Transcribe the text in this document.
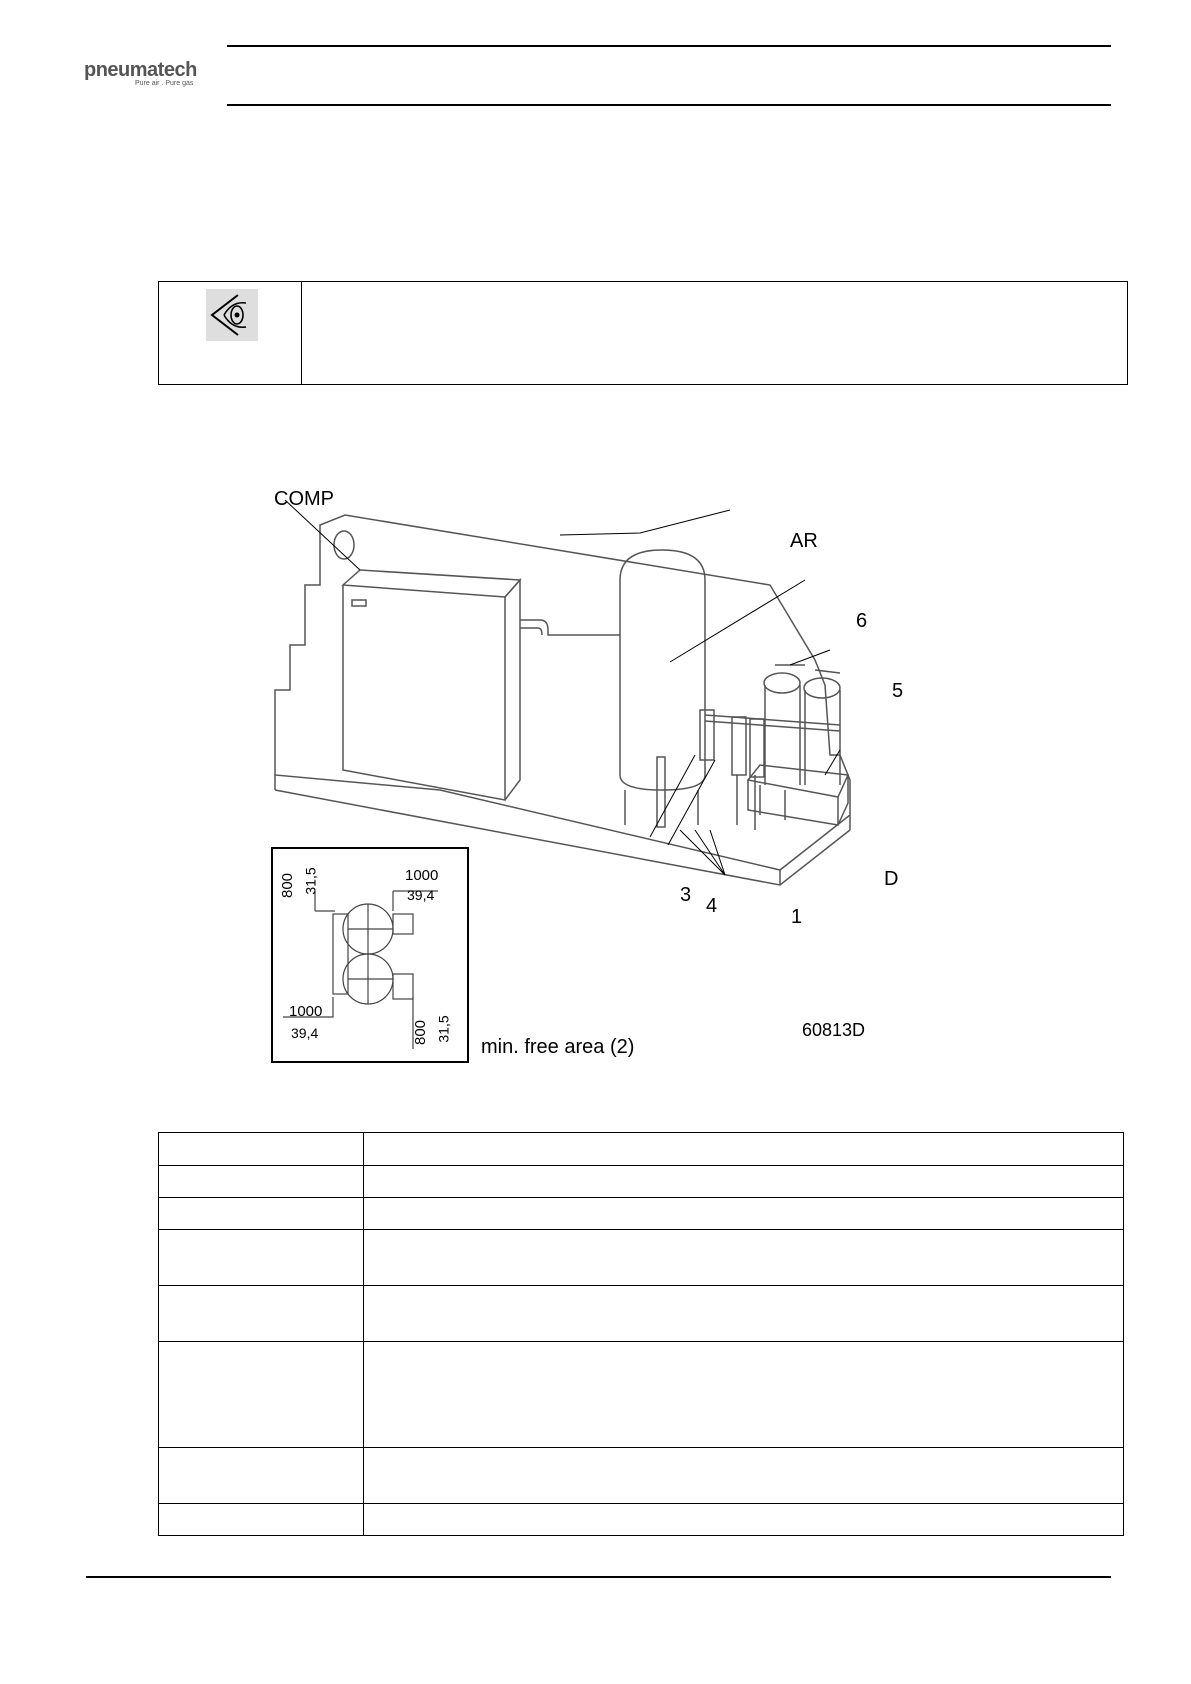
pneumatech
Pure air . Pure gas
COMP
AR
6
5
D
3 4	1
1000
39,4
800 31,5
1000
39,4	800 31,5
min. free area (2)
60813D
